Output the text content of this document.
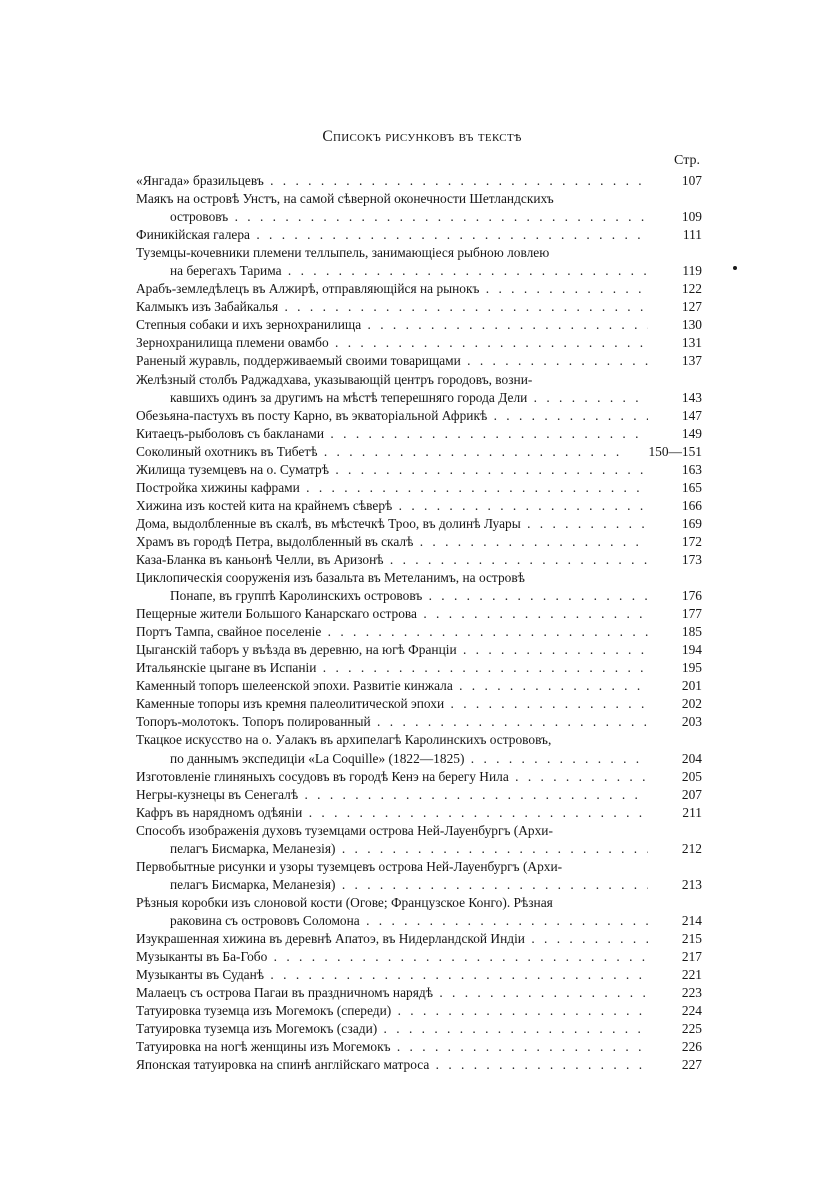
Списокъ рисунковъ въ текстѣ
Стр.
«Янгада» бразильцевъ . . .	107
Маякъ на островѣ Унстъ, на самой сѣверной оконечности Шетландскихъ
острововъ . . .	109
Финикійская галера . . .	111
Туземцы-кочевники племени теллыпель, занимающіеся рыбною ловлею
на берегахъ Тарима . . .	119
Арабъ-земледѣлецъ въ Алжирѣ, отправляющійся на рынокъ . . .	122
Калмыкъ изъ Забайкалья . . .	127
Степныя собаки и ихъ зернохранилища . . .	130
Зернохранилища племени овамбо . . .	131
Раненый журавль, поддерживаемый своими товарищами . . .	137
Желѣзный столбъ Раджадхава, указывающій центръ городовъ, возни-
кавшихъ одинъ за другимъ на мѣстѣ теперешняго города Дели . . .	143
Обезьяна-пастухъ въ посту Карно, въ экваторіальной Африкѣ . . .	147
Китаецъ-рыболовъ съ бакланами . . .	149
Соколиный охотникъ въ Тибетѣ . . .	150—151
Жилища туземцевъ на о. Суматрѣ . . .	163
Постройка хижины кафрами . . .	165
Хижина изъ костей кита на крайнемъ сѣверѣ . . .	166
Дома, выдолбленные въ скалѣ, въ мѣстечкѣ Троо, въ долинѣ Луары . . .	169
Храмъ въ городѣ Петра, выдолбленный въ скалѣ . . .	172
Каза-Бланка въ каньонѣ Челли, въ Аризонѣ . . .	173
Циклопическія сооруженія изъ базальта въ Метеланимъ, на островѣ
Понапе, въ группѣ Каролинскихъ острововъ . . .	176
Пещерные жители Большого Канарскаго острова . . .	177
Портъ Тампа, свайное поселеніе . . .	185
Цыганскій таборъ у въѣзда въ деревню, на югѣ Франціи . . .	194
Итальянскіе цыгане въ Испаніи . . .	195
Каменный топоръ шелеенской эпохи. Развитіе кинжала . . .	201
Каменные топоры изъ кремня палеолитической эпохи . . .	202
Топоръ-молотокъ. Топоръ полированный . . .	203
Ткацкое искусство на о. Уалакъ въ архипелагѣ Каролинскихъ острововъ,
по даннымъ экспедиціи «La Coquille» (1822—1825) . . .	204
Изготовленіе глиняныхъ сосудовъ въ городѣ Кенэ на берегу Нила . . .	205
Негры-кузнецы въ Сенегалѣ . . .	207
Кафръ въ нарядномъ одѣяніи . . .	211
Способъ изображенія духовъ туземцами острова Ней-Лауенбургъ (Архи-
пелагъ Бисмарка, Меланезія) . . .	212
Первобытные рисунки и узоры туземцевъ острова Ней-Лауенбургъ (Архи-
пелагъ Бисмарка, Меланезія) . . .	213
Рѣзныя коробки изъ слоновой кости (Огове; Французское Конго). Рѣзная
раковина съ острововъ Соломона . . .	214
Изукрашенная хижина въ деревнѣ Апатоэ, въ Нидерландской Индіи . . .	215
Музыканты въ Ба-Гобо . . .	217
Музыканты въ Суданѣ . . .	221
Малаецъ съ острова Пагаи въ праздничномъ нарядѣ . . .	223
Татуировка туземца изъ Могемокъ (спереди) . . .	224
Татуировка туземца изъ Могемокъ (сзади) . . .	225
Татуировка на ногѣ женщины изъ Могемокъ . . .	226
Японская татуировка на спинѣ англійскаго матроса . . .	227
